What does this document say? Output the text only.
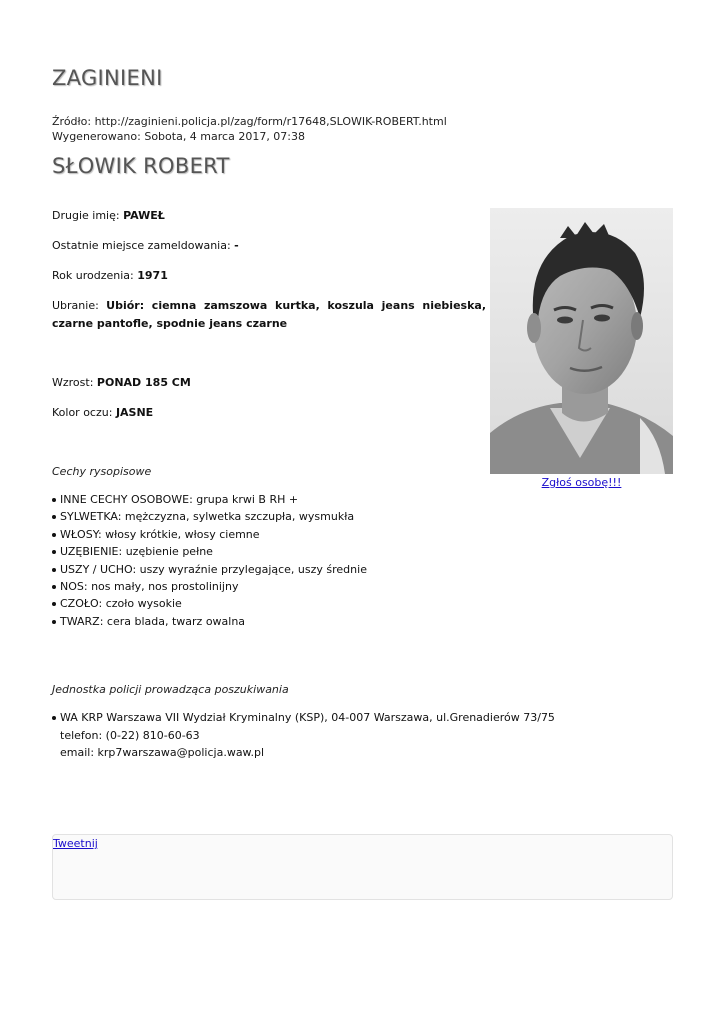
ZAGINIENI
Źródło: http://zaginieni.policja.pl/zag/form/r17648,SLOWIK-ROBERT.html
Wygenerowano: Sobota, 4 marca 2017, 07:38
SŁOWIK ROBERT
Drugie imię: PAWEŁ
Ostatnie miejsce zameldowania: -
Rok urodzenia: 1971
Ubranie: Ubiór: ciemna zamszowa kurtka, koszula jeans niebieska, czarne pantofle, spodnie jeans czarne
Wzrost: PONAD 185 CM
Kolor oczu: JASNE
Zgłoś osobę!!!
Cechy rysopisowe
INNE CECHY OSOBOWE: grupa krwi B RH +
SYLWETKA: mężczyzna, sylwetka szczupła, wysmukła
WŁOSY: włosy krótkie, włosy ciemne
UZĘBIENIE: uzębienie pełne
USZY / UCHO: uszy wyraźnie przylegające, uszy średnie
NOS: nos mały, nos prostolinijny
CZOŁO: czoło wysokie
TWARZ: cera blada, twarz owalna
Jednostka policji prowadząca poszukiwania
WA KRP Warszawa VII Wydział Kryminalny (KSP), 04-007 Warszawa, ul.Grenadierów 73/75
telefon: (0-22) 810-60-63
email: krp7warszawa@policja.waw.pl
Tweetnij
